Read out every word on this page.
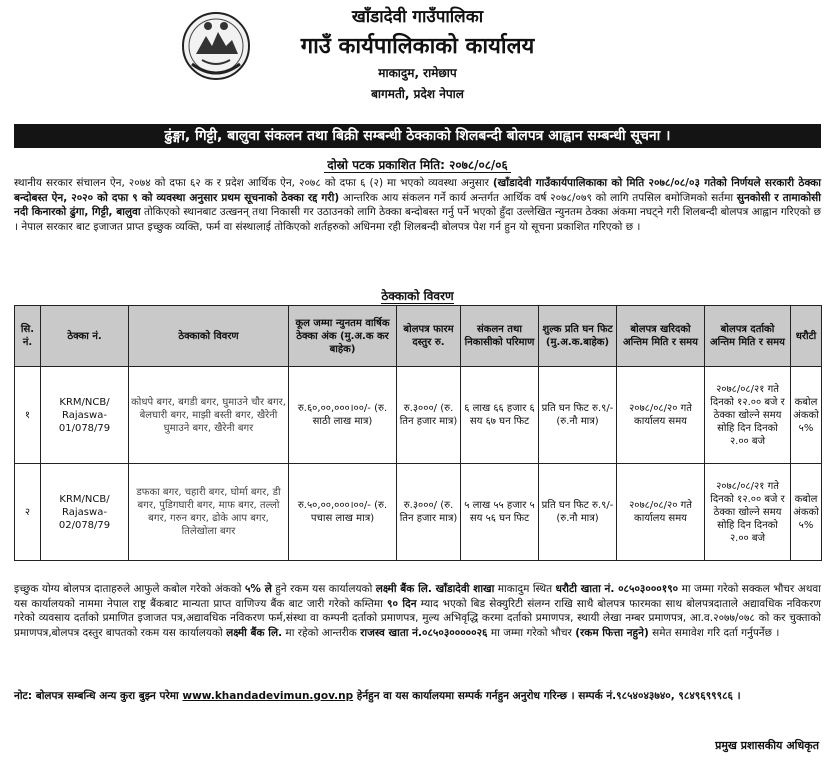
खाँडादेवी गाउँपालिका
गाउँ कार्यपालिकाको कार्यालय
माकादुम, रामेछाप
बागमती, प्रदेश नेपाल
ढुंङ्गा, गिट्टी, बालुवा संकलन तथा बिक्री सम्बन्धी ठेक्काको शिलबन्दी बोलपत्र आह्वान सम्बन्धी सूचना ।
दोस्रो पटक प्रकाशित मिति: २०७८/०८/०६

स्थानीय सरकार संचालन ऐन, २०७४ को दफा ६२ क र प्रदेश आर्थिक ऐन, २०७८ को दफा ६ (२) मा भएको व्यवस्था अनुसार (खाँडादेवी गाउँकार्यपालिकाका को मिति २०७८/०८/०३ गतेको निर्णयले सरकारी ठेक्का बन्दोबस्त ऐन, २०२० को दफा ९ को व्यवस्था अनुसार प्रथम सूचनाको ठेक्का रद्द गरी) आन्तरिक आय संकलन गर्ने कार्य अन्तर्गत आर्थिक वर्ष २०७८/०७९ को लागि तपसिल बमोजिमको सर्तमा सुनकोसी र तामाकोसी नदी किनारको ढुंगा, गिट्टी, बालुवा तोकिएको स्थानबाट उत्खनन् तथा निकासी गर उठाउनको लागि ठेक्का बन्दोबस्त गर्नु पर्ने भएको हुँदा उल्लेखित न्युनतम ठेक्का अंकमा नघट्ने गरी शिलबन्दी बोलपत्र आह्वान गरिएको छ । नेपाल सरकार बाट इजाजत प्राप्त इच्छुक व्यक्ति, फर्म वा संस्थालाई तोकिएको शर्तहरुको अधिनमा रही शिलबन्दी बोलपत्र पेश गर्न हुन यो सूचना प्रकाशित गरिएको छ ।

ठेक्काको विवरण
सि. नं.	ठेक्का नं.	ठेक्काको विवरण	कूल जम्मा न्युनतम वार्षिक ठेक्का अंक (मु.अ.क कर बाहेक)	बोलपत्र फारम दस्तुर रु.	संकलन तथा निकासीको परिमाण	शुल्क प्रति घन फिट (मु.अ.क.बाहेक)	बोलपत्र खरिदको अन्तिम मिति र समय	बोलपत्र दर्ताको अन्तिम मिति र समय	धरौटी
१	KRM/NCB/ Rajaswa- 01/078/79	कोधपे बगर, बगडी बगर, घुमाउने चौर बगर, बेलघारी बगर, माझी बस्ती बगर, खैरेनी घुमाउने बगर, खैरेनी बगर	रु.६०,००,०००।००/- (रु. साठी लाख मात्र)	रु.३०००/ (रु. तिन हजार मात्र)	६ लाख ६६ हजार ६ सय ६७ घन फिट	प्रति घन फिट रु.९/- (रु.नौ मात्र)	२०७८/०८/२० गते कार्यालय समय	२०७८/०८/२१ गते दिनको १२.०० बजे र ठेक्का खोल्ने समय सोहि दिन दिनको २.०० बजे	कबोल अंकको ५%
२	KRM/NCB/ Rajaswa- 02/078/79	डफका बगर, चहारी बगर, घोर्मा बगर, डी बगर, पुडिगघारी बगर, माफ बगर, तल्लो बगर, गरुन बगर, ढोके आप बगर, तिलेखोला बगर	रु.५०,००,०००।००/- (रु. पचास लाख मात्र)	रु.३०००/ (रु. तिन हजार मात्र)	५ लाख ५५ हजार ५ सय ५६ घन फिट	प्रति घन फिट रु.९/- (रु.नौ मात्र)	२०७८/०८/२० गते कार्यालय समय	२०७८/०८/२१ गते दिनको १२.०० बजे र ठेक्का खोल्ने समय सोहि दिन दिनको २.०० बजे	कबोल अंकको ५%

इच्छुक योग्य बोलपत्र दाताहरुले आफुले कबोल गरेको अंकको ५% ले हुने रकम यस कार्यालयको लक्ष्मी बैंक लि. खाँडादेवी शाखा माकादुम स्थित धरौटी खाता नं. ०८५०३०००१९० मा जम्मा गरेको सक्कल भौचर अथवा यस कार्यालयको नाममा नेपाल राष्ट्र बैंकबाट मान्यता प्राप्त वाणिज्य बैंक बाट जारी गरेको कम्तिमा ९० दिन म्याद भएको बिड सेक्युरिटी संलग्न राखि साथै बोलपत्र फारमका साथ बोलपत्रदाताले अद्यावधिक नविकरण गरेको व्यवसाय दर्ताको प्रमाणित इजाजत पत्र,अद्यावधिक नविकरण फर्म,संस्था वा कम्पनी दर्ताको प्रमाणपत्र, मुल्य अभिवृद्धि करमा दर्ताको प्रमाणपत्र, स्थायी लेखा नम्बर प्रमाणपत्र, आ.व.२०७७/०७८ को कर चुक्ताको प्रमाणपत्र,बोलपत्र दस्तुर बापतको रकम यस कार्यालयको लक्ष्मी बैंक लि. मा रहेको आन्तरीक राजस्व खाता नं.०८५०३०००००२६ मा जम्मा गरेको भौचर (रकम फित्ता नहुने) समेत समावेश गरि दर्ता गर्नुपर्नेछ ।

नोट: बोलपत्र सम्बन्धि अन्य कुरा बुझ्न परेमा www.khandadevimun.gov.np हेर्नहुन वा यस कार्यालयमा सम्पर्क गर्नहुन अनुरोध गरिन्छ । सम्पर्क नं.९८५४०४३७४०, ९८४९६९९९८६ ।

प्रमुख प्रशासकीय अधिकृत
